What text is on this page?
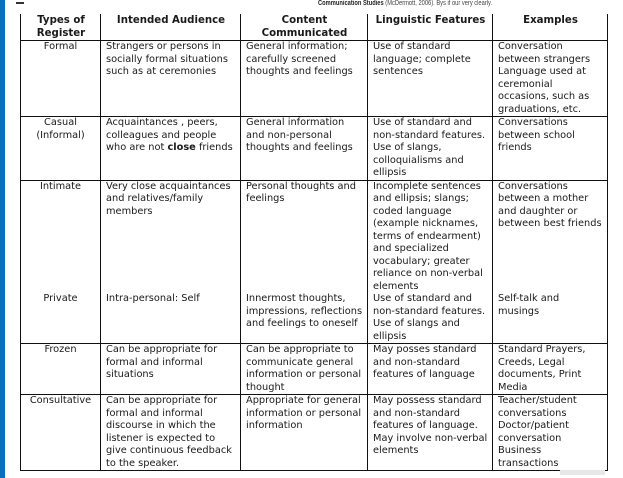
Communication Studies (McDermott, 2006). Bys if our very clearly.
Types of Register	Intended Audience	Content Communicated	Linguistic Features	Examples
Formal	Strangers or persons in socially formal situations such as at ceremonies	General information; carefully screened thoughts and feelings	Use of standard language; complete sentences	Conversation between strangers Language used at ceremonial occasions, such as graduations, etc.
Casual (Informal)	Acquaintances , peers, colleagues and people who are not close friends	General information and non-personal thoughts and feelings	Use of standard and non-standard features. Use of slangs, colloquialisms and ellipsis	Conversations between school friends
Intimate	Very close acquaintances and relatives/family members	Personal thoughts and feelings	Incomplete sentences and ellipsis; slangs; coded language (example nicknames, terms of endearment) and specialized vocabulary; greater reliance on non-verbal elements	Conversations between a mother and daughter or between best friends
Private	Intra-personal: Self	Innermost thoughts, impressions, reflections and feelings to oneself	Use of standard and non-standard features. Use of slangs and ellipsis	Self-talk and musings
Frozen	Can be appropriate for formal and informal situations	Can be appropriate to communicate general information or personal thought	May posses standard and non-standard features of language	Standard Prayers, Creeds, Legal documents, Print Media
Consultative	Can be appropriate for formal and informal discourse in which the listener is expected to give continuous feedback to the speaker.	Appropriate for general information or personal information	May possess standard and non-standard features of language. May involve non-verbal elements	Teacher/student conversations Doctor/patient conversation Business transactions
